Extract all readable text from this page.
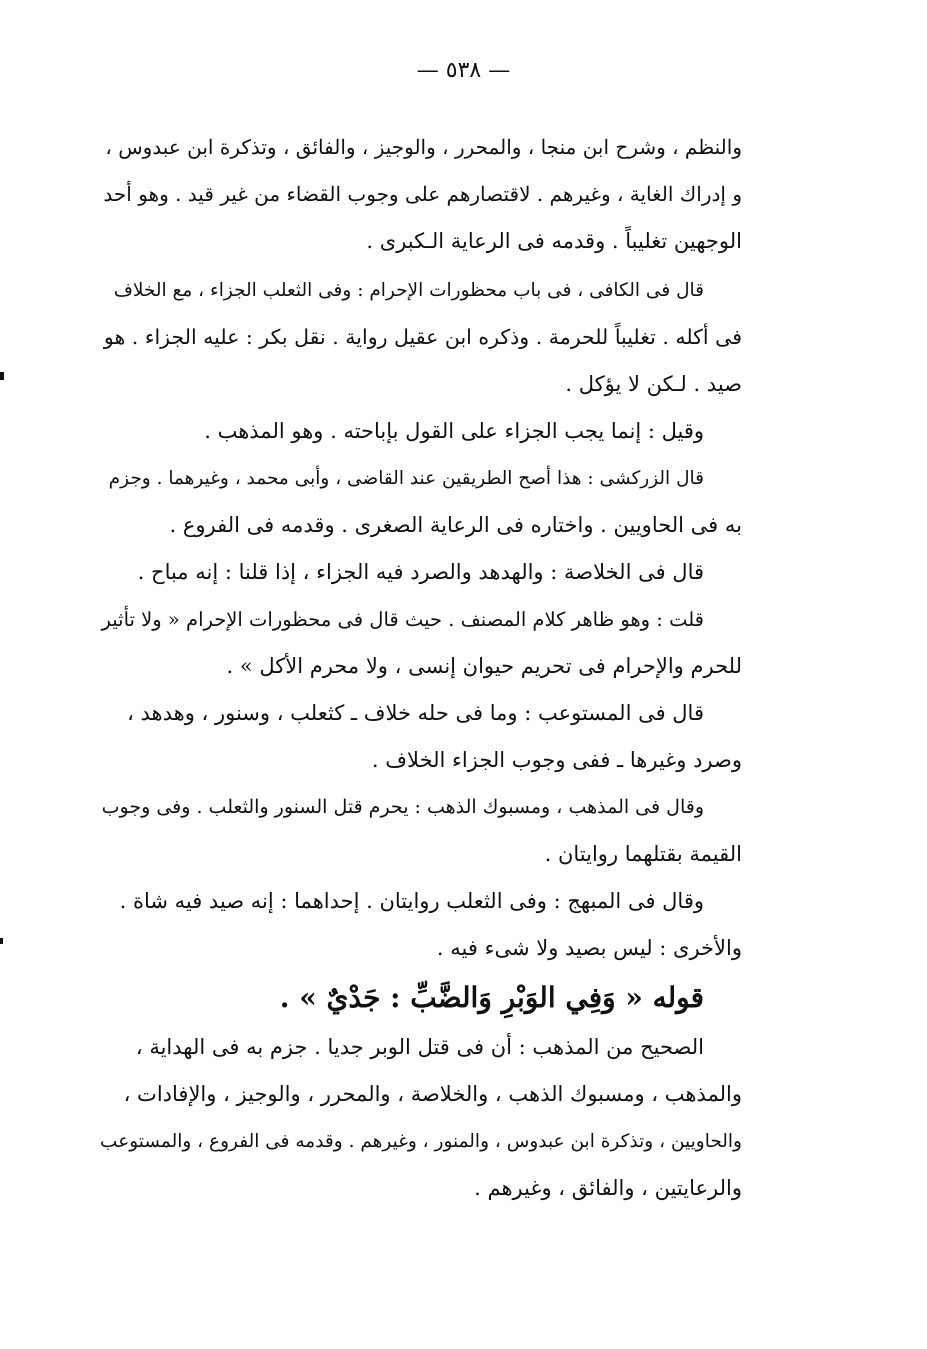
— ٥٣٨ —
والنظم ، وشرح ابن منجا ، والمحرر ، والوجيز ، والفائق ، وتذكرة ابن عبدوس ،
و إدراك الغاية ، وغيرهم . لاقتصارهم على وجوب القضاء من غير قيد . وهو أحد
الوجهين تغليباً . وقدمه فى الرعاية الـكبرى .
قال فى الكافى ، فى باب محظورات الإحرام : وفى الثعلب الجزاء ، مع الخلاف
فى أكله . تغليباً للحرمة . وذكره ابن عقيل رواية . نقل بكر : عليه الجزاء . هو
صيد . لـكن لا يؤكل .
وقيل : إنما يجب الجزاء على القول بإباحته . وهو المذهب .
قال الزركشى : هذا أصح الطريقين عند القاضى ، وأبى محمد ، وغيرهما . وجزم
به فى الحاويين . واختاره فى الرعاية الصغرى . وقدمه فى الفروع .
قال فى الخلاصة : والهدهد والصرد فيه الجزاء ، إذا قلنا : إنه مباح .
قلت : وهو ظاهر كلام المصنف . حيث قال فى محظورات الإحرام « ولا تأثير
للحرم والإحرام فى تحريم حيوان إنسى ، ولا محرم الأكل » .
قال فى المستوعب : وما فى حله خلاف ـ كثعلب ، وسنور ، وهدهد ،
وصرد وغيرها ـ ففى وجوب الجزاء الخلاف .
وقال فى المذهب ، ومسبوك الذهب : يحرم قتل السنور والثعلب . وفى وجوب
القيمة بقتلهما روايتان .
وقال فى المبهج : وفى الثعلب روايتان . إحداهما : إنه صيد فيه شاة .
والأخرى : ليس بصيد ولا شىء فيه .
قوله « وَفِي الوَبْرِ وَالضَّبِّ : جَدْيٌ » .
الصحيح من المذهب : أن فى قتل الوبر جديا . جزم به فى الهداية ،
والمذهب ، ومسبوك الذهب ، والخلاصة ، والمحرر ، والوجيز ، والإفادات ،
والحاويين ، وتذكرة ابن عبدوس ، والمنور ، وغيرهم . وقدمه فى الفروع ، والمستوعب
والرعايتين ، والفائق ، وغيرهم .
